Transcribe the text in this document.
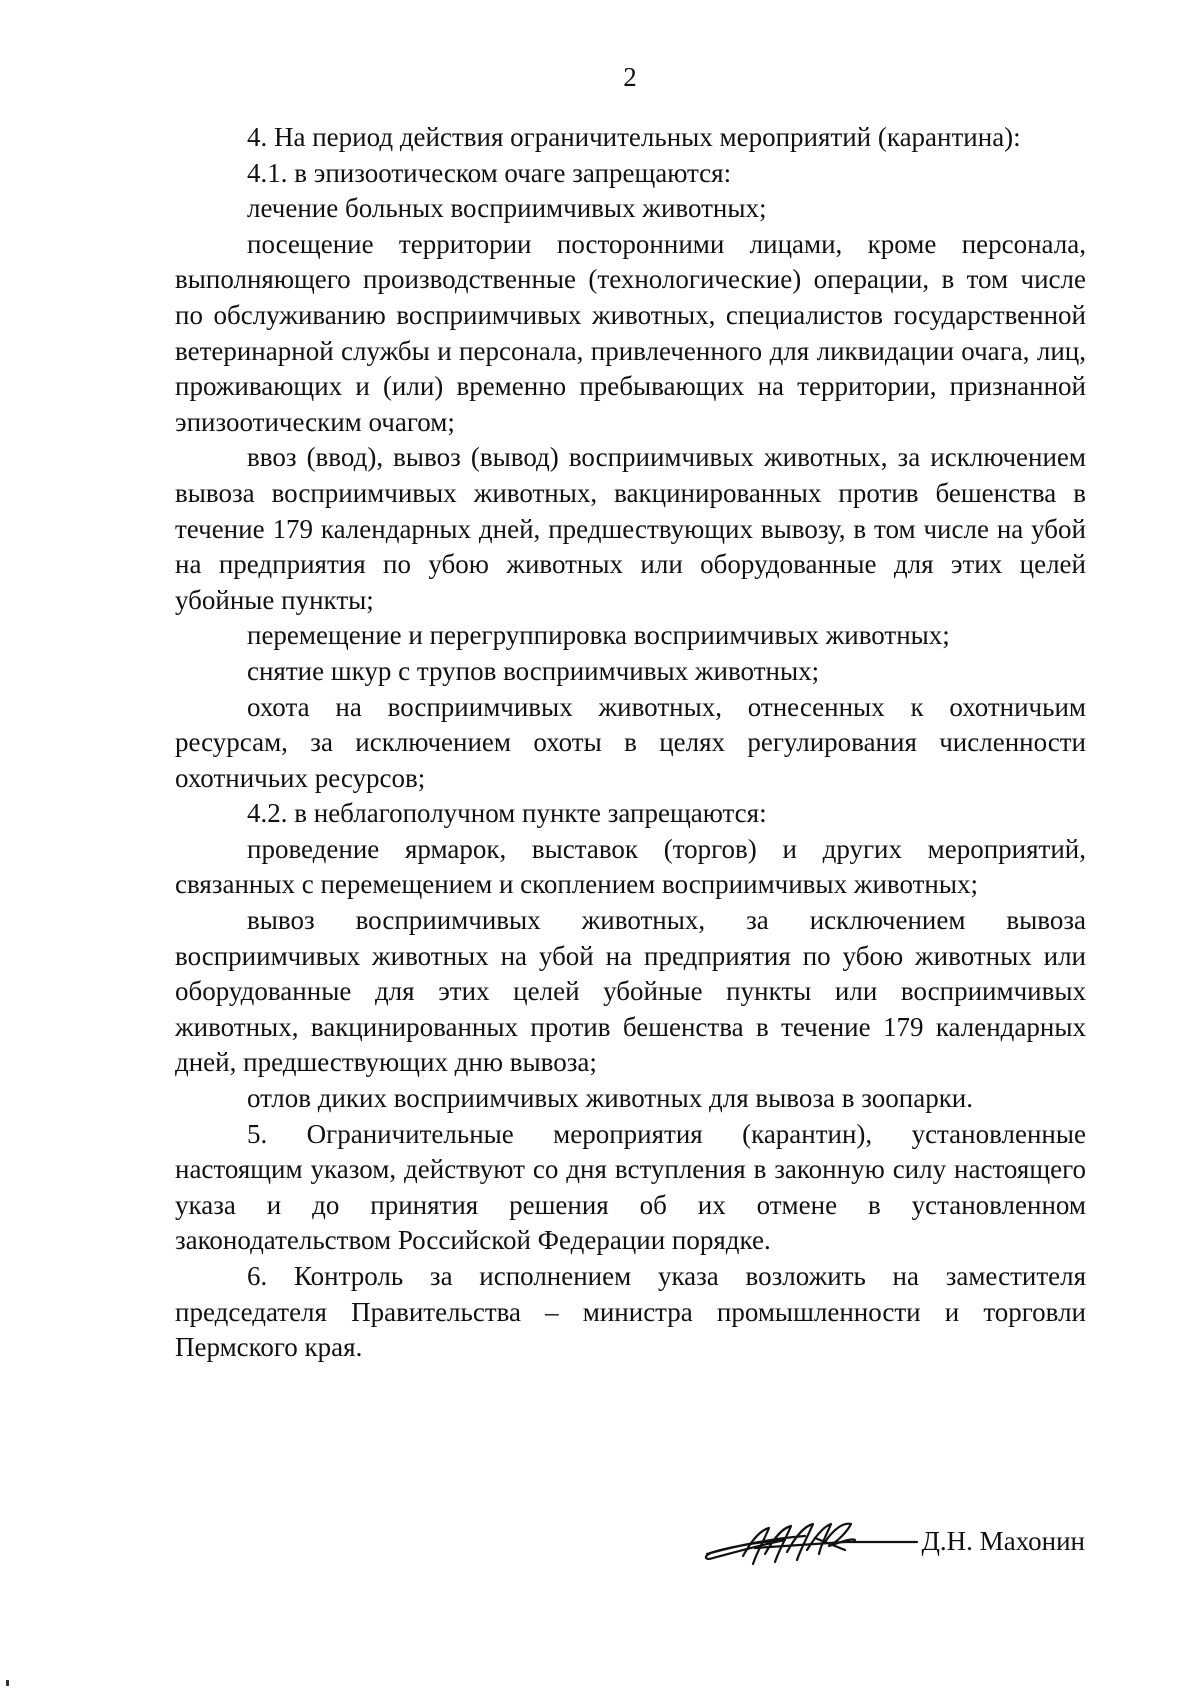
2

4. На период действия ограничительных мероприятий (карантина):

4.1. в эпизоотическом очаге запрещаются:

лечение больных восприимчивых животных;

посещение территории посторонними лицами, кроме персонала, выполняющего производственные (технологические) операции, в том числе по обслуживанию восприимчивых животных, специалистов государственной ветеринарной службы и персонала, привлеченного для ликвидации очага, лиц, проживающих и (или) временно пребывающих на территории, признанной эпизоотическим очагом;

ввоз (ввод), вывоз (вывод) восприимчивых животных, за исключением вывоза восприимчивых животных, вакцинированных против бешенства в течение 179 календарных дней, предшествующих вывозу, в том числе на убой на предприятия по убою животных или оборудованные для этих целей убойные пункты;

перемещение и перегруппировка восприимчивых животных;

снятие шкур с трупов восприимчивых животных;

охота на восприимчивых животных, отнесенных к охотничьим ресурсам, за исключением охоты в целях регулирования численности охотничьих ресурсов;

4.2. в неблагополучном пункте запрещаются:

проведение ярмарок, выставок (торгов) и других мероприятий, связанных с перемещением и скоплением восприимчивых животных;

вывоз восприимчивых животных, за исключением вывоза восприимчивых животных на убой на предприятия по убою животных или оборудованные для этих целей убойные пункты или восприимчивых животных, вакцинированных против бешенства в течение 179 календарных дней, предшествующих дню вывоза;

отлов диких восприимчивых животных для вывоза в зоопарки.

5. Ограничительные мероприятия (карантин), установленные настоящим указом, действуют со дня вступления в законную силу настоящего указа и до принятия решения об их отмене в установленном законодательством Российской Федерации порядке.

6. Контроль за исполнением указа возложить на заместителя председателя Правительства – министра промышленности и торговли Пермского края.

Д.Н. Махонин
